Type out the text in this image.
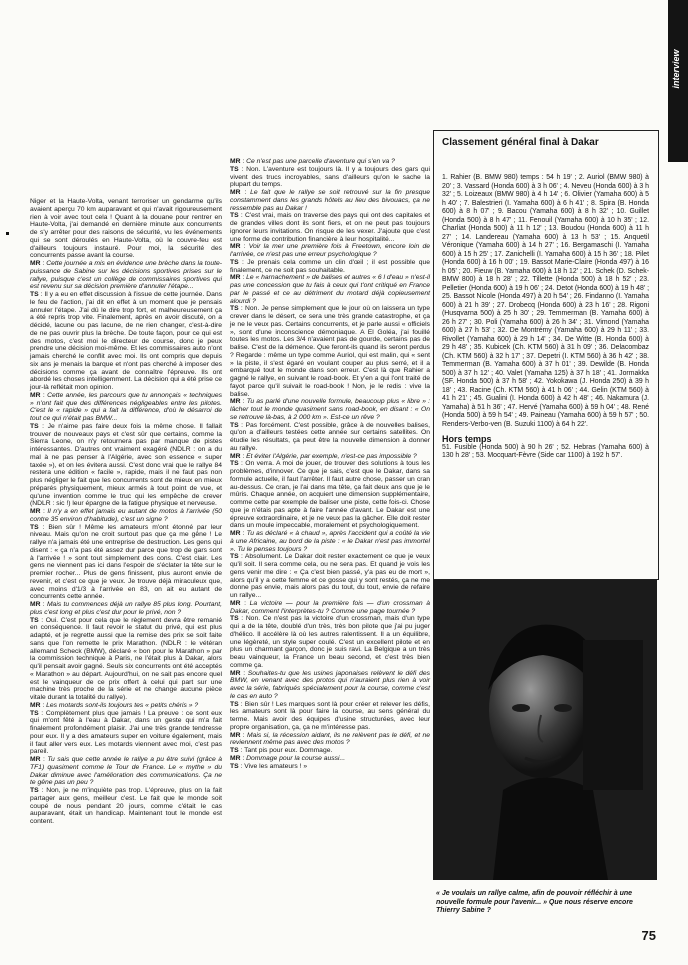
interview

Niger et la Haute-Volta, venant terroriser un gendarme qu'ils avaient aperçu 70 km auparavant et qui n'avait rigoureusement rien à voir avec tout cela ! Quant à la douane pour rentrer en Haute-Volta, j'ai demandé en dernière minute aux concurrents de s'y arrêter pour des raisons de sécurité, vu les événements qui se sont déroulés en Haute-Volta, où le couvre-feu est d'ailleurs toujours instauré. Pour moi, la sécurité des concurrents passe avant la course.

MR : Cette journée a mis en évidence une brèche dans la toute-puissance de Sabine sur les décisions sportives prises sur le rallye, puisque c'est un collège de commissaires sportives qui est revenu sur sa décision première d'annuler l'étape...

TS : Il y a eu en effet discussion à l'issue de cette journée. Dans le feu de l'action, j'ai dit en effet à un moment que je pensais annuler l'étape. J'ai dû le dire trop fort, et malheureusement ça a été repris trop vite. Finalement, après en avoir discuté, on a décidé, lacune ou pas lacune, de ne rien changer, c'est-à-dire de ne pas ouvrir plus la brèche. De toute façon, pour ce qui est des motos, c'est moi le directeur de course, donc je peux prendre une décision moi-même. Et les commissaires auto n'ont jamais cherché le conflit avec moi. Ils ont compris que depuis six ans je menais la barque et n'ont pas cherché à imposer des décisions comme ça avant de connaître l'épreuve. Ils ont abordé les choses intelligemment. La décision qui a été prise ce jour-là reflétait mon opinion.

MR : Cette année, les parcours que tu annonçais « techniques » n'ont fait que des différences négligeables entre les pilotes. C'est le « rapide » qui a fait la différence, d'où le désarroi de tout ce qui n'était pas BMW...

TS : Je n'aime pas faire deux fois la même chose. Il fallait trouver de nouveaux pays et c'est sûr que certains, comme la Sierra Leone, on n'y retournera pas par manque de pistes intéressantes. D'autres ont vraiment exagéré (NDLR : on a du mal à ne pas penser à l'Algérie, avec son essence « super taxée »), et on les évitera aussi. C'est donc vrai que le rallye 84 restera une édition « facile », rapide, mais il ne faut pas non plus négliger le fait que les concurrents sont de mieux en mieux préparés physiquement, mieux armés à tout point de vue, et qu'une invention comme le truc qui les empêche de crever (NDLR : sic !) leur épargne de la fatigue physique et nerveuse.

MR : Il n'y a en effet jamais eu autant de motos à l'arrivée (50 contre 35 environ d'habitude), c'est un signe ?

TS : Bien sûr ! Même les amateurs m'ont étonné par leur niveau. Mais qu'on ne croit surtout pas que ça me gêne ! Le rallye n'a jamais été une entreprise de destruction. Les gens qui disent : « ça n'a pas été assez dur parce que trop de gars sont à l'arrivée ! » sont tout simplement des cons. C'est clair. Les gens ne viennent pas ici dans l'espoir de s'éclater la tête sur le premier rocher... Plus de gens finissent, plus auront envie de revenir, et c'est ce que je veux. Je trouve déjà miraculeux que, avec moins d'1/3 à l'arrivée en 83, on ait eu autant de concurrents cette année.

MR : Mais tu commences déjà un rallye 85 plus long. Pourtant, plus c'est long et plus c'est dur pour le privé, non ?

TS : Oui. C'est pour cela que le règlement devra être remanié en conséquence. Il faut revoir le statut du privé, qui est plus adapté, et je regrette aussi que la remise des prix se soit faite sans que l'on remette le prix Marathon. (NDLR : le vétéran allemand Scheck (BMW), déclaré « bon pour le Marathon » par la commission technique à Paris, ne l'était plus à Dakar, alors qu'il pensait avoir gagné. Seuls six concurrents ont été acceptés « Marathon » au départ. Aujourd'hui, on ne sait pas encore quel est le vainqueur de ce prix offert à celui qui part sur une machine très proche de la série et ne change aucune pièce vitale durant la totalité du rallye).

MR : Les motards sont-ils toujours tes « petits chéris » ?

TS : Complètement plus que jamais ! La preuve : ce sont eux qui m'ont fêté à l'eau à Dakar, dans un geste qui m'a fait finalement profondément plaisir. J'ai une très grande tendresse pour eux. Il y a des amateurs super en voiture également, mais il faut aller vers eux. Les motards viennent avec moi, c'est pas pareil.

MR : Tu sais que cette année le rallye a pu être suivi (grâce à TF1) quasiment comme le Tour de France. Le « mythe » du Dakar diminue avec l'amélioration des communications. Ça ne te gêne pas un peu ?

TS : Non, je ne m'inquiète pas trop. L'épreuve, plus on la fait partager aux gens, meilleur c'est. Le fait que le monde soit coupé de nous pendant 20 jours, comme c'était le cas auparavant, était un handicap. Maintenant tout le monde est content.

MR : Ce n'est pas une parcelle d'aventure qui s'en va ?

TS : Non. L'aventure est toujours là. Il y a toujours des gars qui vivent des trucs incroyables, sans d'ailleurs qu'on le sache la plupart du temps.

MR : Le fait que le rallye se soit retrouvé sur la fin presque constamment dans les grands hôtels au lieu des bivouacs, ça ne ressemble pas au Dakar !

TS : C'est vrai, mais on traverse des pays qui ont des capitales et de grandes villes dont ils sont fiers, et on ne peut pas toujours ignorer leurs invitations. On risque de les vexer. J'ajoute que c'est une forme de contribution financière à leur hospitalité...

MR : Voir la mer une première fois à Freetown, encore loin de l'arrivée, ce n'est pas une erreur psychologique ?

TS : Je prenais cela comme un clin d'œil ; il est possible que finalement, ce ne soit pas souhaitable.

MR : Le « harnachement » de balises et autres « 6 l d'eau » n'est-il pas une concession que tu fais à ceux qui t'ont critiqué en France par le passé et ce au détriment du motard déjà copieusement alourdi ?

TS : Non. Je pense simplement que le jour où on laissera un type crever dans le désert, ce sera une très grande catastrophe, et ça je ne le veux pas. Certains concurrents, et je parle aussi « officiels », sont d'une inconscience démoniaque. A El Goléa, j'ai fouillé toutes les motos. Les 3/4 n'avaient pas de gourde, certains pas de balise. C'est de la démence. Que feront-ils quand ils seront perdus ? Regarde : même un type comme Auriol, qui est malin, qui « sent » la piste, il s'est égaré en voulant couper au plus serré, et il a embarqué tout le monde dans son erreur. C'est là que Rahier a gagné le rallye, en suivant le road-book. Et y'en a qui l'ont traité de fayot parce qu'il suivait le road-book ! Non, je le redis : vive la balise.

MR : Tu as parlé d'une nouvelle formule, beaucoup plus « libre » : lâcher tout le monde quasiment sans road-book, en disant : « On se retrouve là-bas, à 2 000 km ». Est-ce un rêve ?

TS : Pas forcément. C'est possible, grâce à de nouvelles balises, qu'on a d'ailleurs testées cette année sur certains satellites. On étudie les résultats, ça peut être la nouvelle dimension à donner au rallye.

MR : Et éviter l'Algérie, par exemple, n'est-ce pas impossible ?

TS : On verra. A moi de jouer, de trouver des solutions à tous les problèmes, d'innover. Ce que je sais, c'est que le Dakar, dans sa formule actuelle, il faut l'arrêter. Il faut autre chose, passer un cran au-dessus. Ce cran, je l'ai dans ma tête, ça fait deux ans que je le mûris. Chaque année, on acquiert une dimension supplémentaire, comme cette par exemple de baliser une piste, cette fois-ci. Chose que je n'étais pas apte à faire l'année d'avant. Le Dakar est une épreuve extraordinaire, et je ne veux pas la gâcher. Elle doit rester dans un moule impeccable, moralement et psychologiquement.

MR : Tu as déclaré « à chaud », après l'accident qui a coûté la vie à une Africaine, au bord de la piste : « le Dakar n'est pas immortel ». Tu le penses toujours ?

TS : Absolument. Le Dakar doit rester exactement ce que je veux qu'il soit. Il sera comme cela, ou ne sera pas. Et quand je vois les gens venir me dire : « Ça c'est bien passé, y'a pas eu de mort », alors qu'il y a cette femme et ce gosse qui y sont restés, ça ne me donne pas envie, mais alors pas du tout, du tout, envie de refaire un rallye...

MR : La victoire — pour la première fois — d'un crossman à Dakar, comment l'interprètes-tu ? Comme une page tournée ?

TS : Non. Ce n'est pas la victoire d'un crossman, mais d'un type qui a de la tête, doublé d'un très, très bon pilote que j'ai pu juger d'hélico. Il accélère là où les autres ralentissent. Il a un équilibre, une légèreté, un style super coulé. C'est un excellent pilote et en plus un charmant garçon, donc je suis ravi. La Belgique a un très beau vainqueur, la France un beau second, et c'est très bien comme ça.

MR : Souhaites-tu que les usines japonaises relèvent le défi des BMW, en venant avec des protos qui n'auraient plus rien à voir avec la série, fabriqués spécialement pour la course, comme c'est le cas en auto ?

TS : Bien sûr ! Les marques sont là pour créer et relever les défis, les amateurs sont là pour faire la course, au sens général du terme. Mais avoir des équipes d'usine structurées, avec leur propre organisation, ça, ça ne m'intéresse pas.

MR : Mais si, la récession aidant, ils ne relèvent pas le défi, et ne reviennent même pas avec des motos ?

TS : Tant pis pour eux. Dommage.

MR : Dommage pour la course aussi...

TS : Vive les amateurs ! »

Classement général final à Dakar
1. Rahier (B. BMW 980) temps : 54 h 19' ; 2. Auriol (BMW 980) à 20' ; 3. Vassard (Honda 600) à 3 h 06' ; 4. Neveu (Honda 600) à 3 h 32' ; 5. Loizeaux (BMW 980) à 4 h 14' ; 6. Olivier (Yamaha 600) à 5 h 40' ; 7. Balestrieri (I. Yamaha 600) à 6 h 41' ; 8. Spira (B. Honda 600) à 8 h 07' ; 9. Bacou (Yamaha 600) à 8 h 32' ; 10. Guillet (Honda 500) à 8 h 47' ; 11. Fenouil (Yamaha 600) à 10 h 35' ; 12. Charliat (Honda 500) à 11 h 12' ; 13. Boudou (Honda 600) à 11 h 27' ; 14. Landereau (Yamaha 600) à 13 h 53' ; 15. Anquetil Véronique (Yamaha 600) à 14 h 27' ; 16. Bergamaschi (I. Yamaha 600) à 15 h 25' ; 17. Zanichelli (I. Yamaha 600) à 15 h 36' ; 18. Pilet (Honda 600) à 16 h 00' ; 19. Bassot Marie-Claire (Honda 497) à 16 h 05' ; 20. Fieuw (B. Yamaha 600) à 18 h 12' ; 21. Schek (D. Schek-BMW 800) à 18 h 28' ; 22. Tillette (Honda 500) à 18 h 52' ; 23. Pelletier (Honda 600) à 19 h 06' ; 24. Detot (Honda 600) à 19 h 48' ; 25. Bassot Nicole (Honda 497) à 20 h 54' ; 26. Findanno (I. Yamaha 600) à 21 h 39' ; 27. Drobecq (Honda 600) à 23 h 16' ; 28. Rigoni (Husqvarna 500) à 25 h 30' ; 29. Temmerman (B. Yamaha 600) à 26 h 27' ; 30. Poli (Yamaha 600) à 26 h 34' ; 31. Vimond (Yamaha 600) à 27 h 53' ; 32. De Montrémy (Yamaha 600) à 29 h 11' ; 33. Rivollet (Yamaha 600) à 29 h 14' ; 34. De Witte (B. Honda 600) à 29 h 48' ; 35. Kubicek (Ch. KTM 560) à 31 h 09' ; 36. Delacombaz (Ch. KTM 560) à 32 h 17' ; 37. Depetri (I. KTM 560) à 36 h 42' ; 38. Temmerman (B. Yamaha 600) à 37 h 01' ; 39. Dewilde (B. Honda 500) à 37 h 12' ; 40. Valet (Yamaha 125) à 37 h 18' ; 41. Jormakka (SF. Honda 500) à 37 h 58' ; 42. Yokokawa (J. Honda 250) à 39 h 18' ; 43. Racine (Ch. KTM 560) à 41 h 06' ; 44. Gelin (KTM 560) à 41 h 21' ; 45. Gualini (I. Honda 600) à 42 h 48' ; 46. Nakamura (J. Yamaha) à 51 h 36' ; 47. Hervé (Yamaha 600) à 59 h 04' ; 48. René (Honda 500) à 59 h 54' ; 49. Paineau (Yamaha 600) à 59 h 57' ; 50. Renders-Verbo-ven (B. Suzuki 1100) à 64 h 22'.
Hors temps
51. Fusible (Honda 500) à 90 h 26' ; 52. Hebras (Yamaha 600) à 130 h 28' ; 53. Mocquart-Fèvre (Side car 1100) à 192 h 57'.
« Je voulais un rallye calme, afin de pouvoir réfléchir à une nouvelle formule pour l'avenir... » Que nous réserve encore Thierry Sabine ?
75
